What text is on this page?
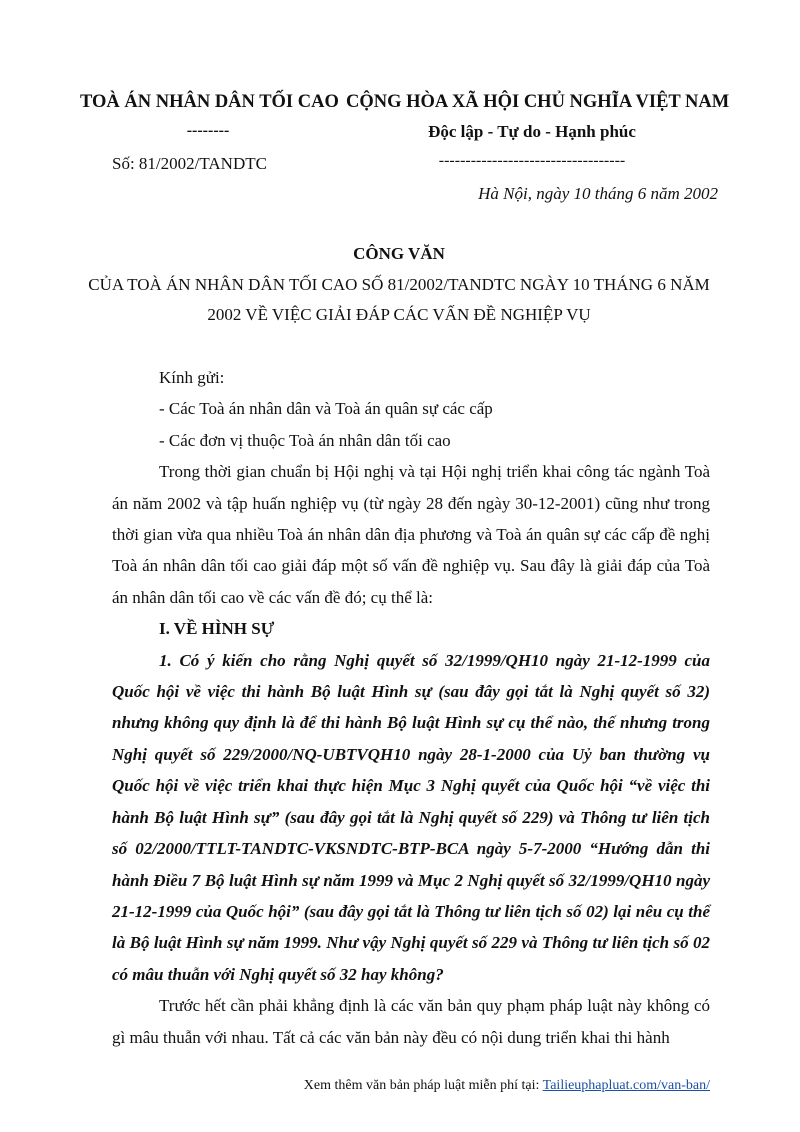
TOÀ ÁN NHÂN DÂN TỐI CAO
--------
Số: 81/2002/TANDTC
CỘNG HÒA XÃ HỘI CHỦ NGHĨA VIỆT NAM
Độc lập - Tự do - Hạnh phúc
-----------------------------------
Hà Nội, ngày 10 tháng 6 năm 2002
CÔNG VĂN
CỦA TOÀ ÁN NHÂN DÂN TỐI CAO SỐ 81/2002/TANDTC NGÀY 10 THÁNG 6 NĂM 2002 VỀ VIỆC GIẢI ĐÁP CÁC VẤN ĐỀ NGHIỆP VỤ

Kính gửi:

- Các Toà án nhân dân và Toà án quân sự các cấp

- Các đơn vị thuộc Toà án nhân dân tối cao

Trong thời gian chuẩn bị Hội nghị và tại Hội nghị triển khai công tác ngành Toà án năm 2002 và tập huấn nghiệp vụ (từ ngày 28 đến ngày 30-12-2001) cũng như trong thời gian vừa qua nhiều Toà án nhân dân địa phương và Toà án quân sự các cấp đề nghị Toà án nhân dân tối cao giải đáp một số vấn đề nghiệp vụ. Sau đây là giải đáp của Toà án nhân dân tối cao về các vấn đề đó; cụ thể là:

I. VỀ HÌNH SỰ

1. Có ý kiến cho rằng Nghị quyết số 32/1999/QH10 ngày 21-12-1999 của Quốc hội về việc thi hành Bộ luật Hình sự (sau đây gọi tắt là Nghị quyết số 32) nhưng không quy định là để thi hành Bộ luật Hình sự cụ thể nào, thế nhưng trong Nghị quyết số 229/2000/NQ-UBTVQH10 ngày 28-1-2000 của Uỷ ban thường vụ Quốc hội về việc triển khai thực hiện Mục 3 Nghị quyết của Quốc hội “về việc thi hành Bộ luật Hình sự” (sau đây gọi tắt là Nghị quyết số 229) và Thông tư liên tịch số 02/2000/TTLT-TANDTC-VKSNDTC-BTP-BCA ngày 5-7-2000 “Hướng dẫn thi hành Điều 7 Bộ luật Hình sự năm 1999 và Mục 2 Nghị quyết số 32/1999/QH10 ngày 21-12-1999 của Quốc hội” (sau đây gọi tắt là Thông tư liên tịch số 02) lại nêu cụ thể là Bộ luật Hình sự năm 1999. Như vậy Nghị quyết số 229 và Thông tư liên tịch số 02 có mâu thuẫn với Nghị quyết số 32 hay không?

Trước hết cần phải khẳng định là các văn bản quy phạm pháp luật này không có gì mâu thuẫn với nhau. Tất cả các văn bản này đều có nội dung triển khai thi hành

Xem thêm văn bản pháp luật miễn phí tại: Tailieuphapluat.com/van-ban/
